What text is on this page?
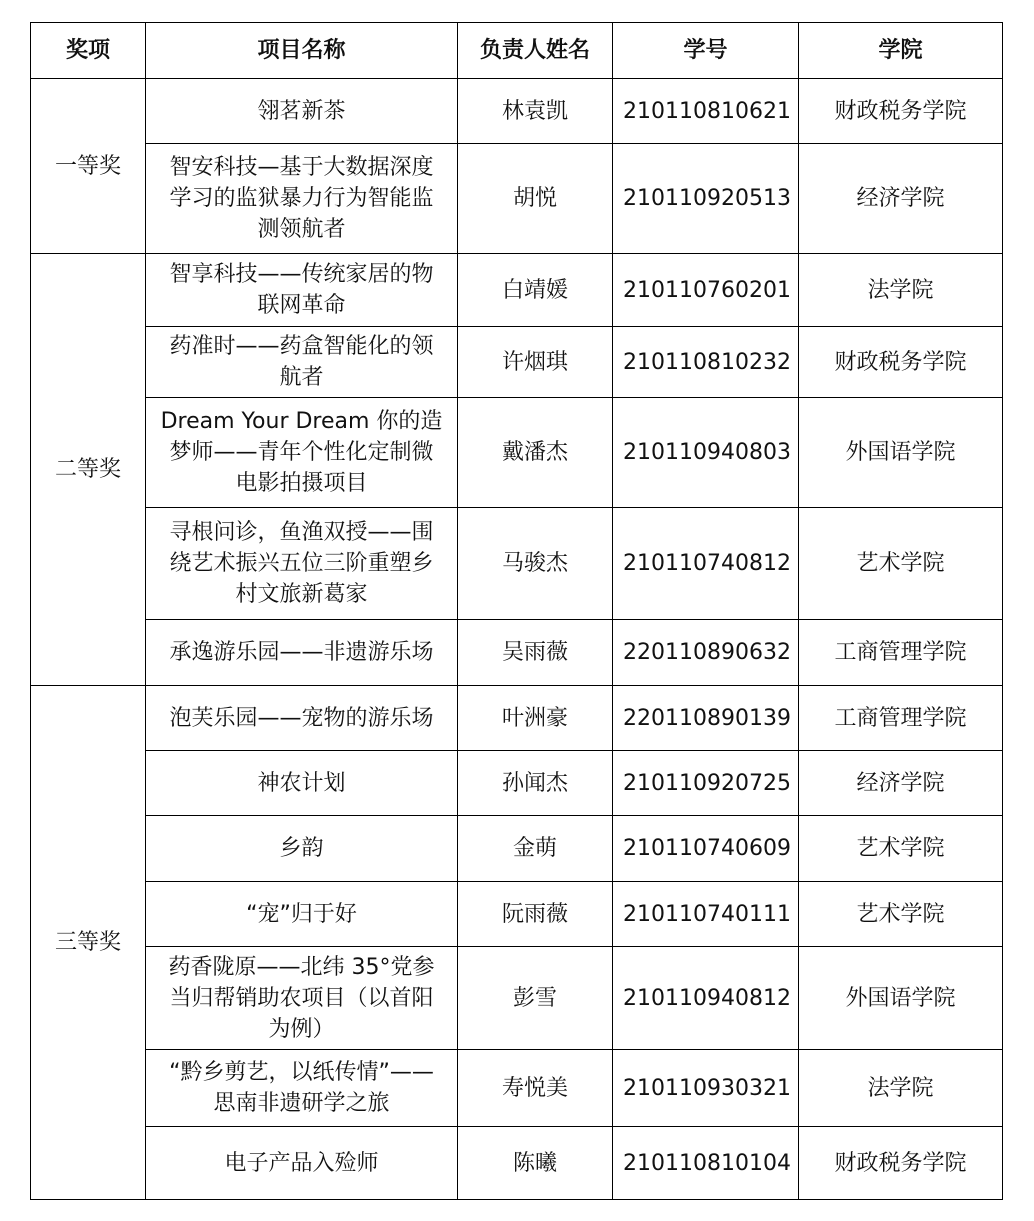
奖项	项目名称	负责人姓名	学号	学院
一等奖	翎茗新茶	林袁凯	210110810621	财政税务学院
	智安科技—基于大数据深度学习的监狱暴力行为智能监测领航者	胡悦	210110920513	经济学院
二等奖	智享科技——传统家居的物联网革命	白靖媛	210110760201	法学院
	药准时——药盒智能化的领航者	许烟琪	210110810232	财政税务学院
	Dream Your Dream 你的造梦师——青年个性化定制微电影拍摄项目	戴潘杰	210110940803	外国语学院
	寻根问诊，鱼渔双授——围绕艺术振兴五位三阶重塑乡村文旅新葛家	马骏杰	210110740812	艺术学院
	承逸游乐园——非遗游乐场	吴雨薇	220110890632	工商管理学院
三等奖	泡芙乐园——宠物的游乐场	叶洲豪	220110890139	工商管理学院
	神农计划	孙闻杰	210110920725	经济学院
	乡韵	金萌	210110740609	艺术学院
	“宠”归于好	阮雨薇	210110740111	艺术学院
	药香陇原——北纬 35°党参当归帮销助农项目（以首阳为例）	彭雪	210110940812	外国语学院
	“黔乡剪艺，以纸传情”——思南非遗研学之旅	寿悦美	210110930321	法学院
	电子产品入殓师	陈曦	210110810104	财政税务学院
